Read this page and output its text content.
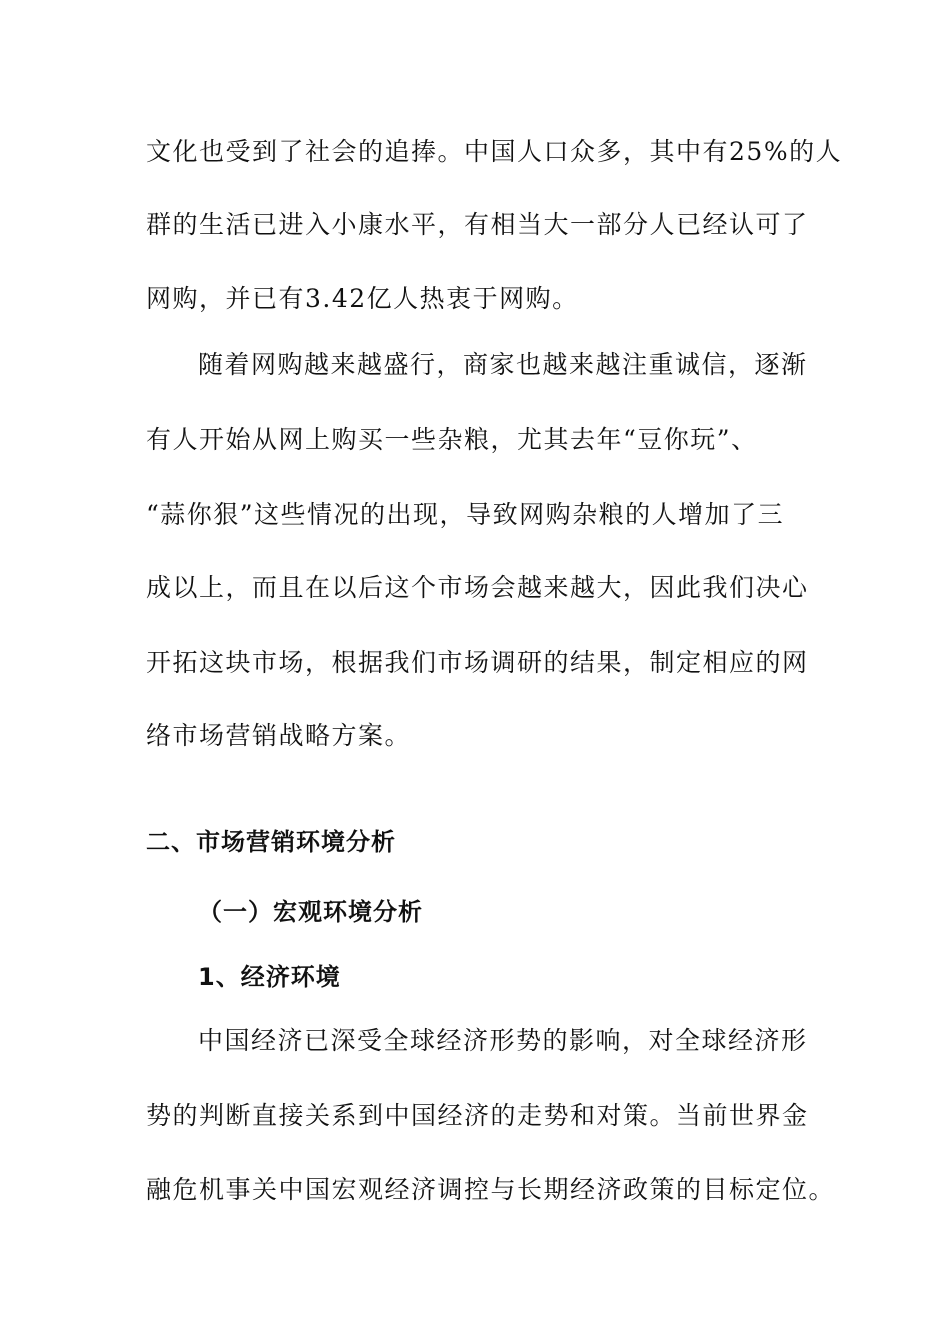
文化也受到了社会的追捧。中国人口众多，其中有25%的人
群的生活已进入小康水平，有相当大一部分人已经认可了
网购，并已有3.42亿人热衷于网购。
随着网购越来越盛行，商家也越来越注重诚信，逐渐
有人开始从网上购买一些杂粮，尤其去年“豆你玩”、
“蒜你狠”这些情况的出现，导致网购杂粮的人增加了三
成以上，而且在以后这个市场会越来越大，因此我们决心
开拓这块市场，根据我们市场调研的结果，制定相应的网
络市场营销战略方案。
二、市场营销环境分析
（一）宏观环境分析
1、经济环境
中国经济已深受全球经济形势的影响，对全球经济形
势的判断直接关系到中国经济的走势和对策。当前世界金
融危机事关中国宏观经济调控与长期经济政策的目标定位。
